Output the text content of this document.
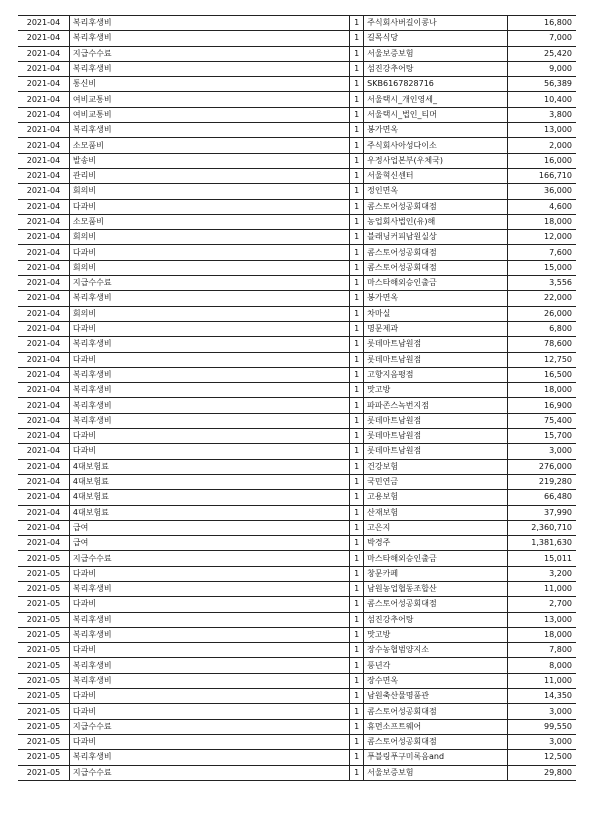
2021-04	복리후생비	1	주식회사버길이콩나	16,800
2021-04	복리후생비	1	길목식당	7,000
2021-04	지급수수료	1	서울보증보험	25,420
2021-04	복리후생비	1	섬진강추어탕	9,000
2021-04	통신비	1	SKB6167828716	56,389
2021-04	여비교통비	1	서울택시_개인영세_	10,400
2021-04	여비교통비	1	서울택시_법인_티머	3,800
2021-04	복리후생비	1	봉가면옥	13,000
2021-04	소모품비	1	주식회사아성다이소	2,000
2021-04	발송비	1	우정사업본부(우체국)	16,000
2021-04	관리비	1	서울혁신센터	166,710
2021-04	회의비	1	정인면옥	36,000
2021-04	다과비	1	콤스토어성공회대점	4,600
2021-04	소모품비	1	농업회사법인(유)해	18,000
2021-04	회의비	1	블래닝커피남원실상	12,000
2021-04	다과비	1	콤스토어성공회대점	7,600
2021-04	회의비	1	콤스토어성공회대점	15,000
2021-04	지급수수료	1	마스타해외승인출금	3,556
2021-04	복리후생비	1	봉가면옥	22,000
2021-04	회의비	1	차마실	26,000
2021-04	다과비	1	명문제과	6,800
2021-04	복리후생비	1	롯데마트남원점	78,600
2021-04	다과비	1	롯데마트남원점	12,750
2021-04	복리후생비	1	고향지음평점	16,500
2021-04	복리후생비	1	맛고방	18,000
2021-04	복리후생비	1	파파존스녹번지점	16,900
2021-04	복리후생비	1	롯데마트남원점	75,400
2021-04	다과비	1	롯데마트남원점	15,700
2021-04	다과비	1	롯데마트남원점	3,000
2021-04	4대보험료	1	건강보험	276,000
2021-04	4대보험료	1	국민연금	219,280
2021-04	4대보험료	1	고용보험	66,480
2021-04	4대보험료	1	산재보험	37,990
2021-04	급여	1	고은지	2,360,710
2021-04	급여	1	박경주	1,381,630
2021-05	지급수수료	1	마스타해외승인출금	15,011
2021-05	다과비	1	창문카페	3,200
2021-05	복리후생비	1	남원농업협동조합산	11,000
2021-05	다과비	1	콤스토어성공회대점	2,700
2021-05	복리후생비	1	섬진강추어탕	13,000
2021-05	복리후생비	1	맛고방	18,000
2021-05	다과비	1	장수농협범양지소	7,800
2021-05	복리후생비	1	풍년각	8,000
2021-05	복리후생비	1	장수면옥	11,000
2021-05	다과비	1	남원축산물명품관	14,350
2021-05	다과비	1	콤스토어성공회대점	3,000
2021-05	지급수수료	1	휴먼소프트웨어	99,550
2021-05	다과비	1	콤스토어성공회대점	3,000
2021-05	복리후생비	1	푸블링푸구미록음and	12,500
2021-05	지급수수료	1	서울보증보험	29,800
